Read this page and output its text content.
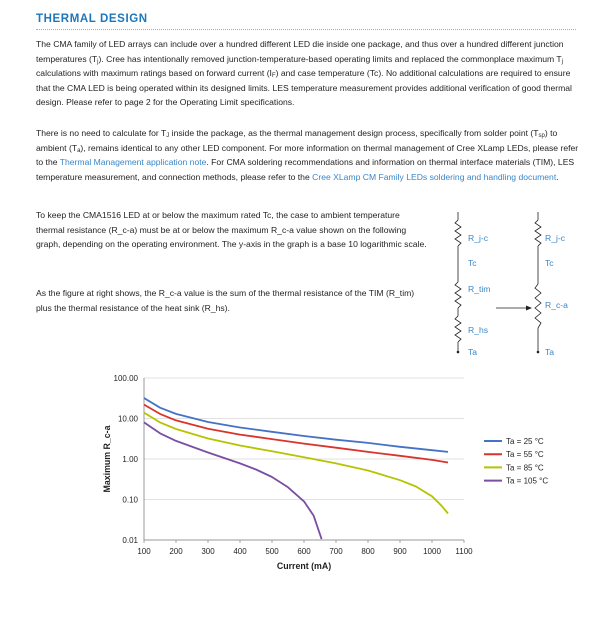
THERMAL DESIGN

The CMA family of LED arrays can include over a hundred different LED die inside one package, and thus over a hundred different junction temperatures $(T_j)$. Cree has intentionally removed junction-temperature-based operating limits and replaced the commonplace maximum $T_j$ calculations with maximum ratings based on forward current $(I_F)$ and case temperature (Tc). No additional calculations are required to ensure that the CMA LED is being operated within its designed limits. LES temperature measurement provides additional verification of good thermal design. Please refer to page 2 for the Operating Limit specifications.

There is no need to calculate for $T_J$ inside the package, as the thermal management design process, specifically from solder point $(T_{sp})$ to ambient $(T_a)$, remains identical to any other LED component. For more information on thermal management of Cree XLamp LEDs, please refer to the Thermal Management application note. For CMA soldering recommendations and information on thermal interface materials (TIM), LES temperature measurement, and connection methods, please refer to the Cree XLamp CM Family LEDs soldering and handling document.

To keep the CMA1516 LED at or below the maximum rated Tc, the case to ambient temperature thermal resistance (R_c-a) must be at or below the maximum R_c-a value shown on the following graph, depending on the operating environment. The y-axis in the graph is a base 10 logarithmic scale.

As the figure at right shows, the R_c-a value is the sum of the thermal resistance of the TIM (R_tim) plus the thermal resistance of the heat sink (R_hs).

R_j-c
Tc
R_tim
R_hs
Ta
R_j-c
Tc
R_c-a
Ta
0.01
0.10
1.00
10.00
100.00
100 200 300 400 500 600 700 800 900 1000 1100
Current (mA)
Maximum R_c-a	Ta = 25 °C
Ta = 55 °C
Ta = 85 °C
Ta = 105 °C
